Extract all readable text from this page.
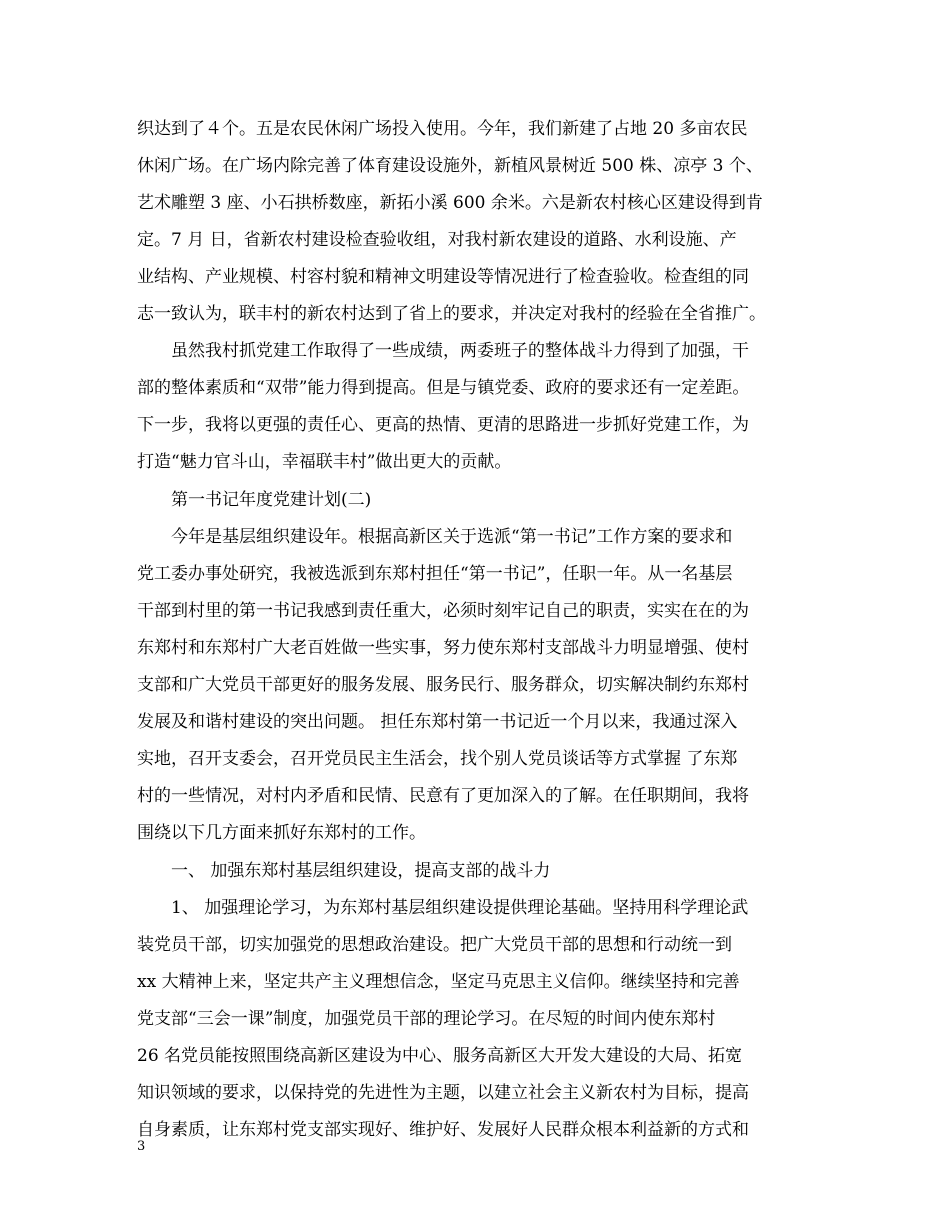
织达到了４个。五是农民休闲广场投入使用。今年，我们新建了占地 20 多亩农民
休闲广场。在广场内除完善了体育建设设施外，新植风景树近 500 株、凉亭 3 个、
艺术雕塑 3 座、小石拱桥数座，新拓小溪 600 余米。六是新农村核心区建设得到肯
定。7 月 日，省新农村建设检查验收组，对我村新农建设的道路、水利设施、产
业结构、产业规模、村容村貌和精神文明建设等情况进行了检查验收。检查组的同
志一致认为，联丰村的新农村达到了省上的要求，并决定对我村的经验在全省推广。
虽然我村抓党建工作取得了一些成绩，两委班子的整体战斗力得到了加强，干
部的整体素质和“双带”能力得到提高。但是与镇党委、政府的要求还有一定差距。
下一步，我将以更强的责任心、更高的热情、更清的思路进一步抓好党建工作，为
打造“魅力官斗山，幸福联丰村”做出更大的贡献。
第一书记年度党建计划(二)
今年是基层组织建设年。根据高新区关于选派“第一书记”工作方案的要求和
党工委办事处研究，我被选派到东郑村担任“第一书记”，任职一年。从一名基层
干部到村里的第一书记我感到责任重大，必须时刻牢记自己的职责，实实在在的为
东郑村和东郑村广大老百姓做一些实事，努力使东郑村支部战斗力明显增强、使村
支部和广大党员干部更好的服务发展、服务民行、服务群众，切实解决制约东郑村
发展及和谐村建设的突出问题。 担任东郑村第一书记近一个月以来，我通过深入
实地，召开支委会，召开党员民主生活会，找个别人党员谈话等方式掌握 了东郑
村的一些情况，对村内矛盾和民情、民意有了更加深入的了解。在任职期间，我将
围绕以下几方面来抓好东郑村的工作。
一、 加强东郑村基层组织建设，提高支部的战斗力
1、 加强理论学习，为东郑村基层组织建设提供理论基础。坚持用科学理论武
装党员干部，切实加强党的思想政治建设。把广大党员干部的思想和行动统一到
xx 大精神上来，坚定共产主义理想信念，坚定马克思主义信仰。继续坚持和完善
党支部“三会一课”制度，加强党员干部的理论学习。在尽短的时间内使东郑村
26 名党员能按照围绕高新区建设为中心、服务高新区大开发大建设的大局、拓宽
知识领域的要求，以保持党的先进性为主题，以建立社会主义新农村为目标，提高
自身素质，让东郑村党支部实现好、维护好、发展好人民群众根本利益新的方式和
3
